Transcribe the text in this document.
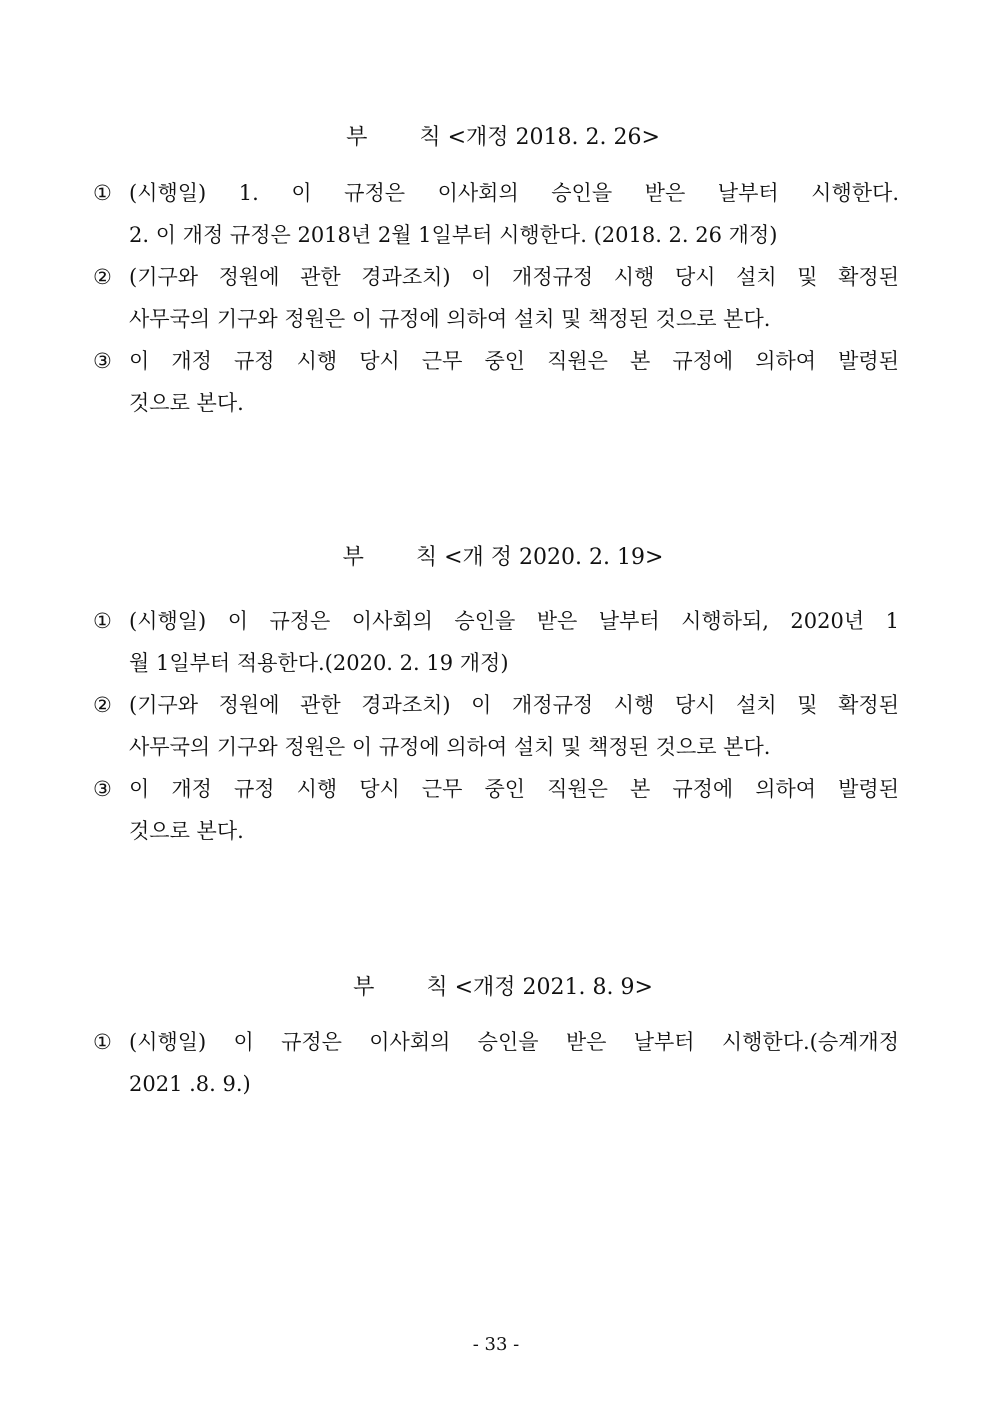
부 칙 <개정 2018. 2. 26>

① (시행일) 1. 이 규정은 이사회의 승인을 받은 날부터 시행한다.
2. 이 개정 규정은 2018년 2월 1일부터 시행한다. (2018. 2. 26 개정)
② (기구와 정원에 관한 경과조치) 이 개정규정 시행 당시 설치 및 확정된
사무국의 기구와 정원은 이 규정에 의하여 설치 및 책정된 것으로 본다.
③ 이 개정 규정 시행 당시 근무 중인 직원은 본 규정에 의하여 발령된
것으로 본다.

부 칙 <개 정 2020. 2. 19>

① (시행일) 이 규정은 이사회의 승인을 받은 날부터 시행하되, 2020년 1
월 1일부터 적용한다.(2020. 2. 19 개정)
② (기구와 정원에 관한 경과조치) 이 개정규정 시행 당시 설치 및 확정된
사무국의 기구와 정원은 이 규정에 의하여 설치 및 책정된 것으로 본다.
③ 이 개정 규정 시행 당시 근무 중인 직원은 본 규정에 의하여 발령된
것으로 본다.

부 칙 <개정 2021. 8. 9>

① (시행일) 이 규정은 이사회의 승인을 받은 날부터 시행한다.(승계개정
2021 .8. 9.)
- 33 -
